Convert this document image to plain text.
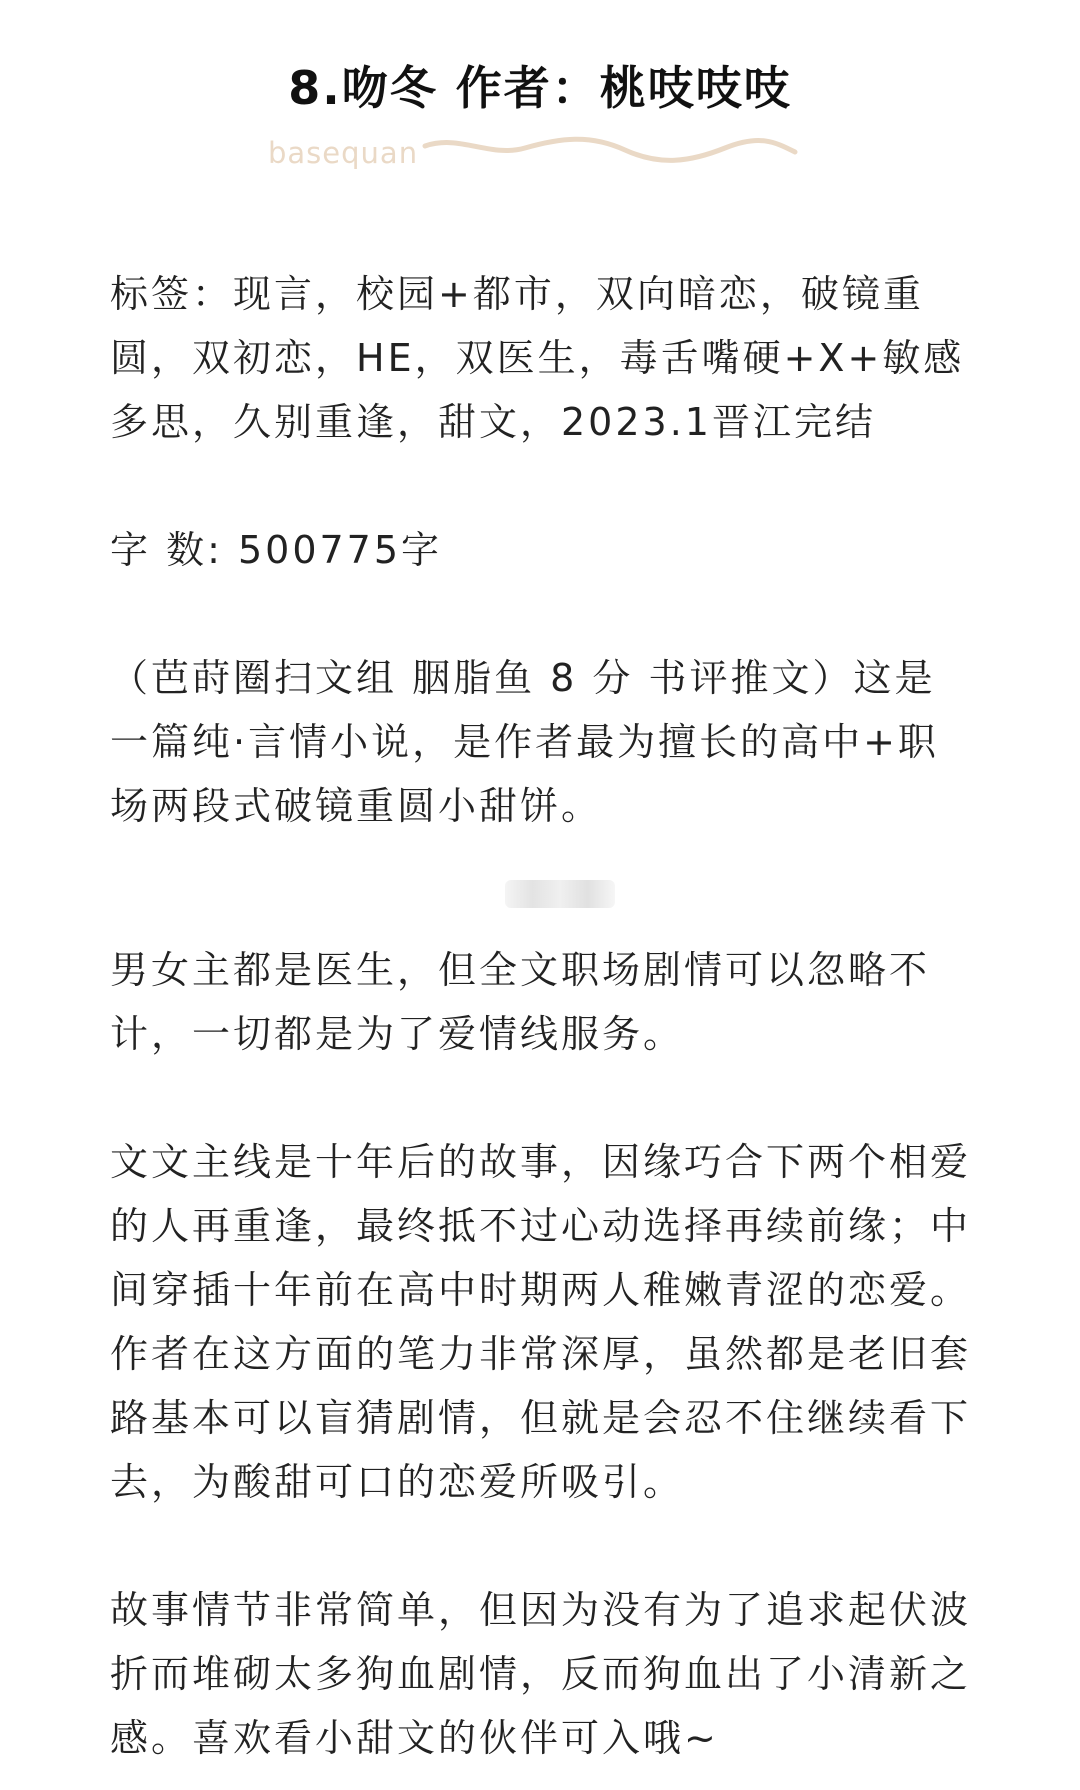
8.吻冬 作者：桃吱吱吱
basequan

标签：现言，校园+都市，双向暗恋，破镜重圆，双初恋，HE，双医生，毒舌嘴硬+X+敏感多思，久别重逢，甜文，2023.1晋江完结

字 数: 500775字

（芭莳圈扫文组 胭脂鱼 8 分 书评推文）这是一篇纯·言情小说，是作者最为擅长的高中+职场两段式破镜重圆小甜饼。

男女主都是医生，但全文职场剧情可以忽略不计，一切都是为了爱情线服务。

文文主线是十年后的故事，因缘巧合下两个相爱的人再重逢，最终抵不过心动选择再续前缘；中间穿插十年前在高中时期两人稚嫩青涩的恋爱。作者在这方面的笔力非常深厚，虽然都是老旧套路基本可以盲猜剧情，但就是会忍不住继续看下去，为酸甜可口的恋爱所吸引。

故事情节非常简单，但因为没有为了追求起伏波折而堆砌太多狗血剧情，反而狗血出了小清新之感。喜欢看小甜文的伙伴可入哦~
